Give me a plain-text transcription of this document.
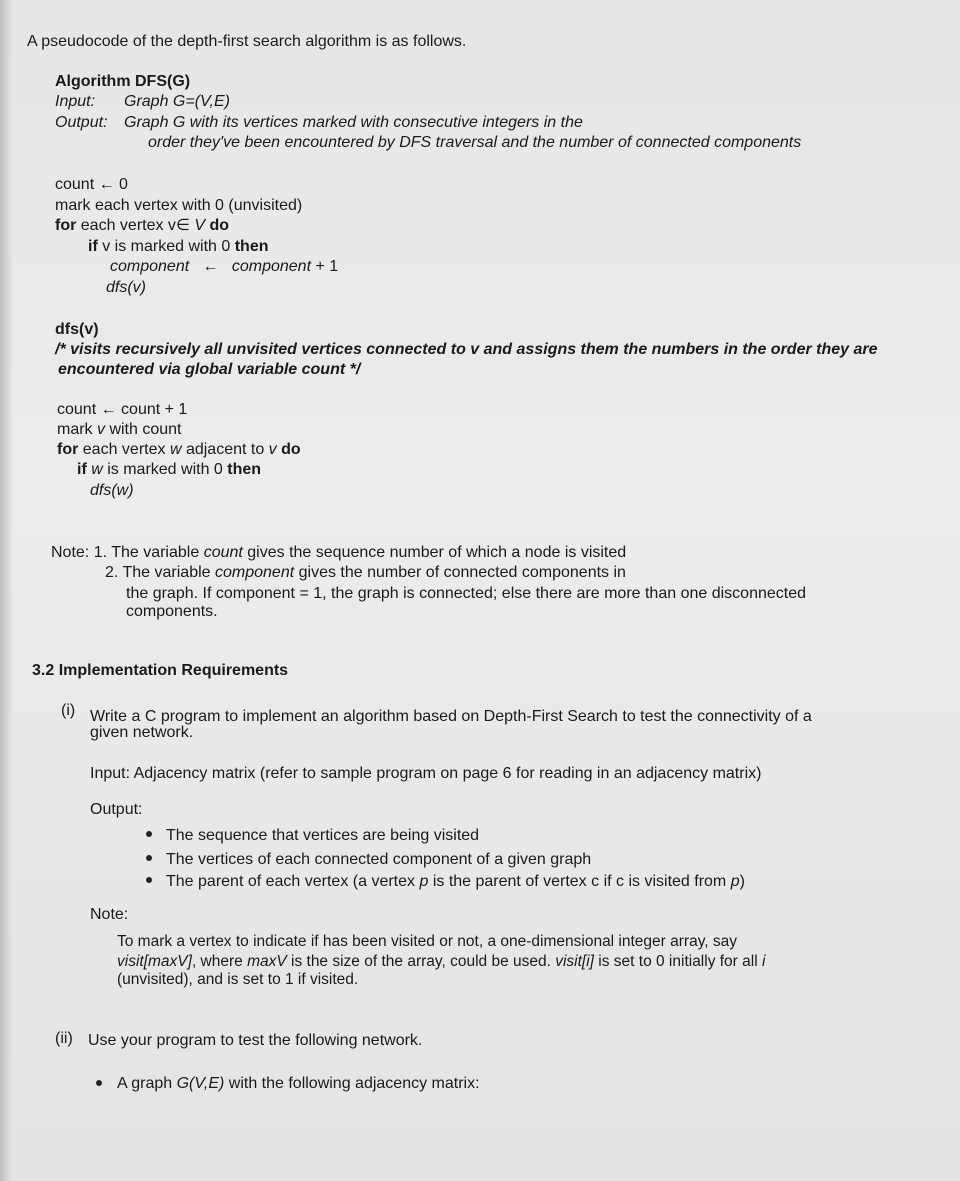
A pseudocode of the depth-first search algorithm is as follows.
Algorithm DFS(G)
Input: Graph G=(V,E)
Output: Graph G with its vertices marked with consecutive integers in the
order they've been encountered by DFS traversal and the number of connected components
count ← 0
mark each vertex with 0 (unvisited)
for each vertex v∈ V do
if v is marked with 0 then
component ← component + 1
dfs(v)
dfs(v)
/* visits recursively all unvisited vertices connected to v and assigns them the numbers in the order they are
encountered via global variable count */
count ← count + 1
mark v with count
for each vertex w adjacent to v do
if w is marked with 0 then
dfs(w)
Note: 1. The variable count gives the sequence number of which a node is visited
2. The variable component gives the number of connected components in
the graph. If component = 1, the graph is connected; else there are more than one disconnected
components.
3.2 Implementation Requirements
(i) Write a C program to implement an algorithm based on Depth-First Search to test the connectivity of a
given network.
Input: Adjacency matrix (refer to sample program on page 6 for reading in an adjacency matrix)
Output:
The sequence that vertices are being visited
The vertices of each connected component of a given graph
The parent of each vertex (a vertex p is the parent of vertex c if c is visited from p)
Note:
To mark a vertex to indicate if has been visited or not, a one-dimensional integer array, say
visit[maxV], where maxV is the size of the array, could be used. visit[i] is set to 0 initially for all i
(unvisited), and is set to 1 if visited.
(ii) Use your program to test the following network.
A graph G(V,E) with the following adjacency matrix:
